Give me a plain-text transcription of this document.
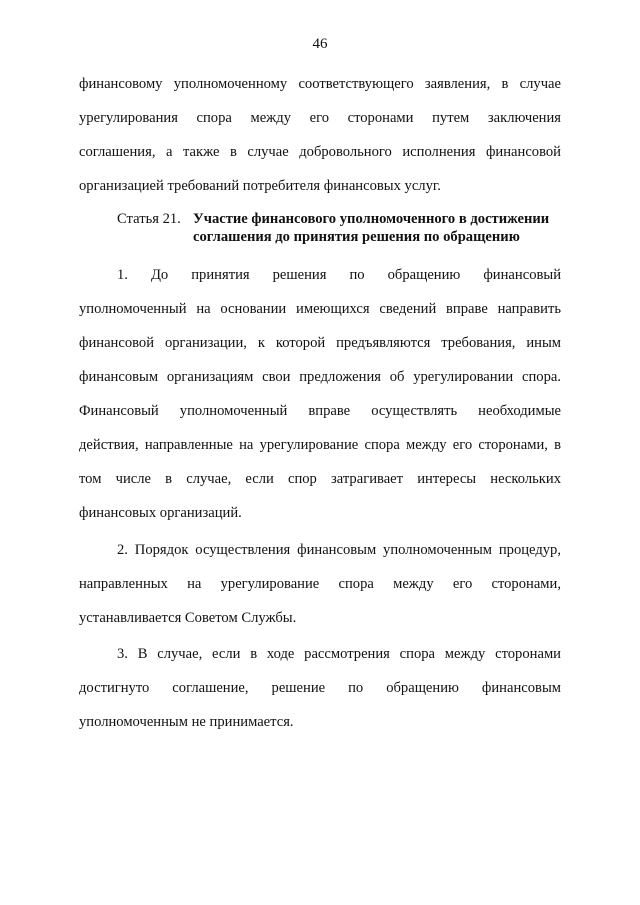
46
финансовому уполномоченному соответствующего заявления, в случае
урегулирования спора между его сторонами путем заключения
соглашения, а также в случае добровольного исполнения финансовой
организацией требований потребителя финансовых услуг.
Статья 21. Участие финансового уполномоченного в достижении
соглашения до принятия решения по обращению
1. До принятия решения по обращению финансовый
уполномоченный на основании имеющихся сведений вправе направить
финансовой организации, к которой предъявляются требования, иным
финансовым организациям свои предложения об урегулировании спора.
Финансовый уполномоченный вправе осуществлять необходимые
действия, направленные на урегулирование спора между его сторонами, в
том числе в случае, если спор затрагивает интересы нескольких
финансовых организаций.
2. Порядок осуществления финансовым уполномоченным процедур,
направленных на урегулирование спора между его сторонами,
устанавливается Советом Службы.
3. В случае, если в ходе рассмотрения спора между сторонами
достигнуто соглашение, решение по обращению финансовым
уполномоченным не принимается.
